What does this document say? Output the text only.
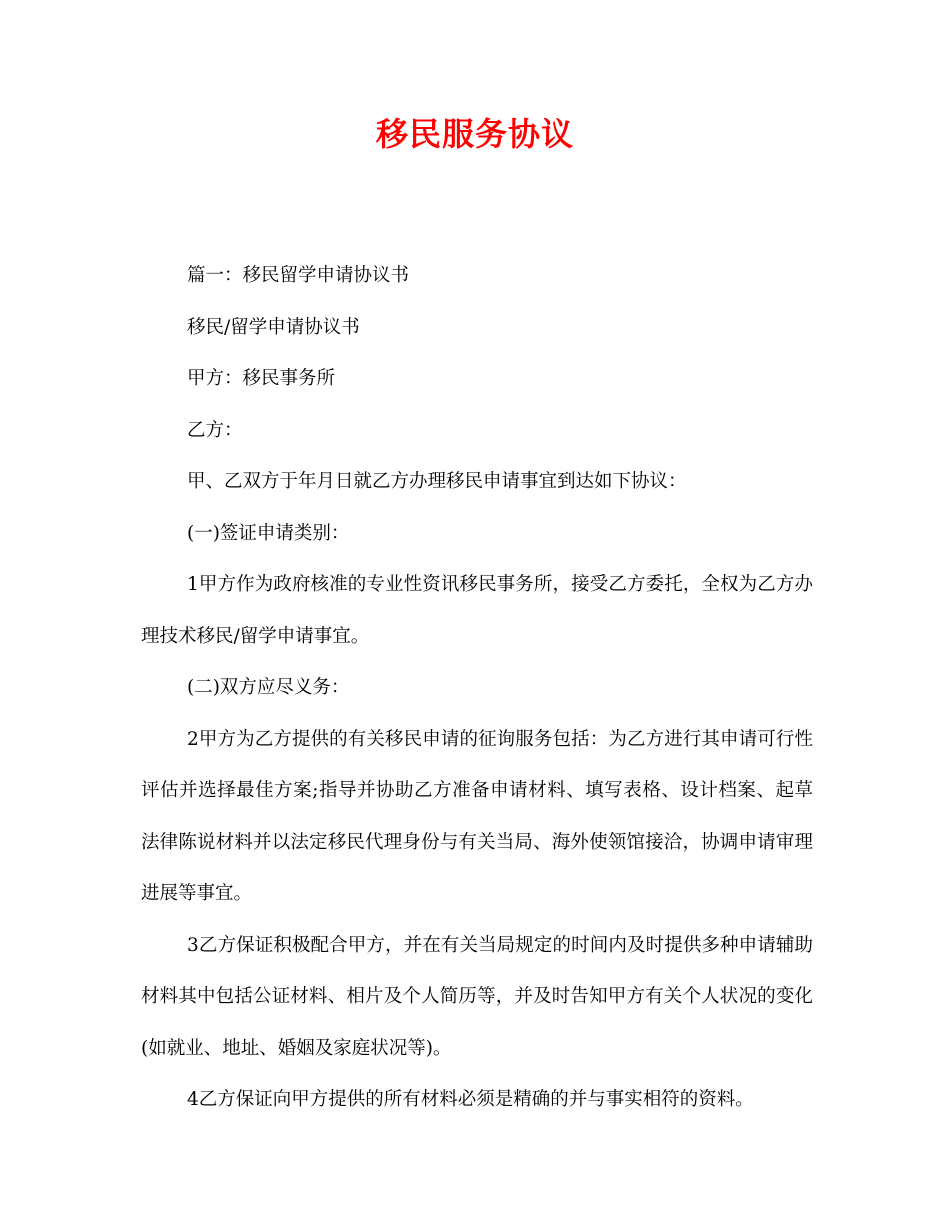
移民服务协议

篇一：移民留学申请协议书

移民/留学申请协议书

甲方：移民事务所

乙方：

甲、乙双方于年月日就乙方办理移民申请事宜到达如下协议：

(一)签证申请类别：

1甲方作为政府核准的专业性资讯移民事务所，接受乙方委托，全权为乙方办理技术移民/留学申请事宜。

(二)双方应尽义务：

2甲方为乙方提供的有关移民申请的征询服务包括：为乙方进行其申请可行性评估并选择最佳方案;指导并协助乙方准备申请材料、填写表格、设计档案、起草法律陈说材料并以法定移民代理身份与有关当局、海外使领馆接洽，协调申请审理进展等事宜。

3乙方保证积极配合甲方，并在有关当局规定的时间内及时提供多种申请辅助材料其中包括公证材料、相片及个人简历等，并及时告知甲方有关个人状况的变化(如就业、地址、婚姻及家庭状况等)。

4乙方保证向甲方提供的所有材料必须是精确的并与事实相符的资料。
